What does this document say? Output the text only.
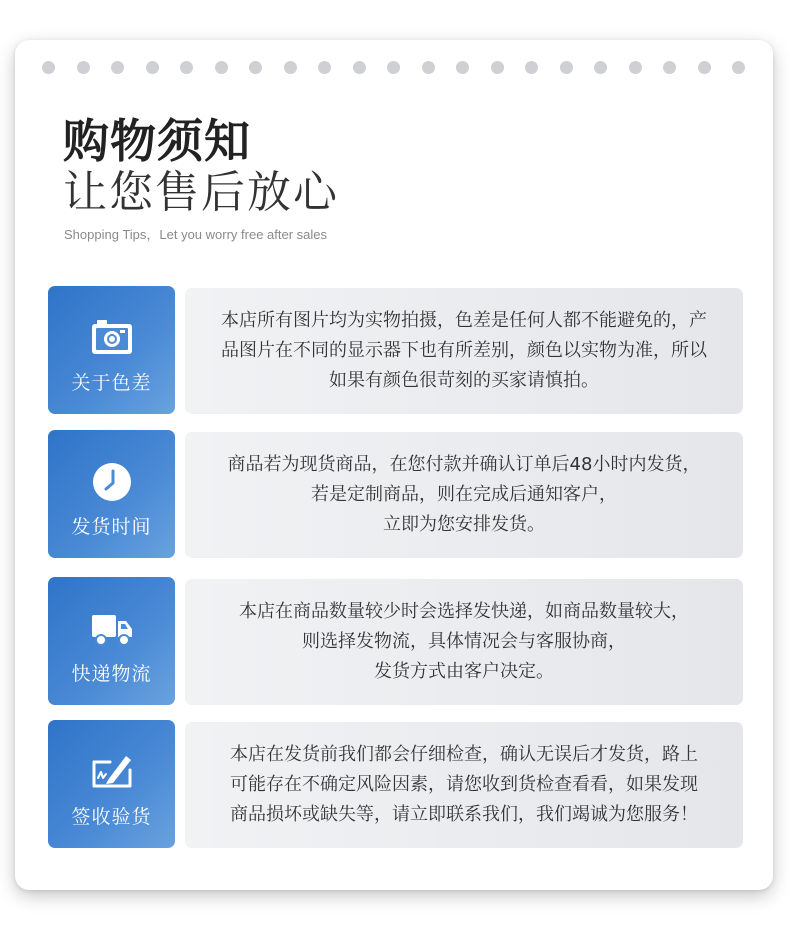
购物须知
让您售后放心
Shopping Tips，Let you worry free after sales
关于色差
本店所有图片均为实物拍摄，色差是任何人都不能避免的，产
品图片在不同的显示器下也有所差别，颜色以实物为准，所以
如果有颜色很苛刻的买家请慎拍。
发货时间
商品若为现货商品，在您付款并确认订单后48小时内发货，
若是定制商品，则在完成后通知客户，
立即为您安排发货。
快递物流
本店在商品数量较少时会选择发快递，如商品数量较大，
则选择发物流，具体情况会与客服协商，
发货方式由客户决定。
签收验货
本店在发货前我们都会仔细检查，确认无误后才发货，路上
可能存在不确定风险因素，请您收到货检查看看，如果发现
商品损坏或缺失等，请立即联系我们，我们竭诚为您服务！
